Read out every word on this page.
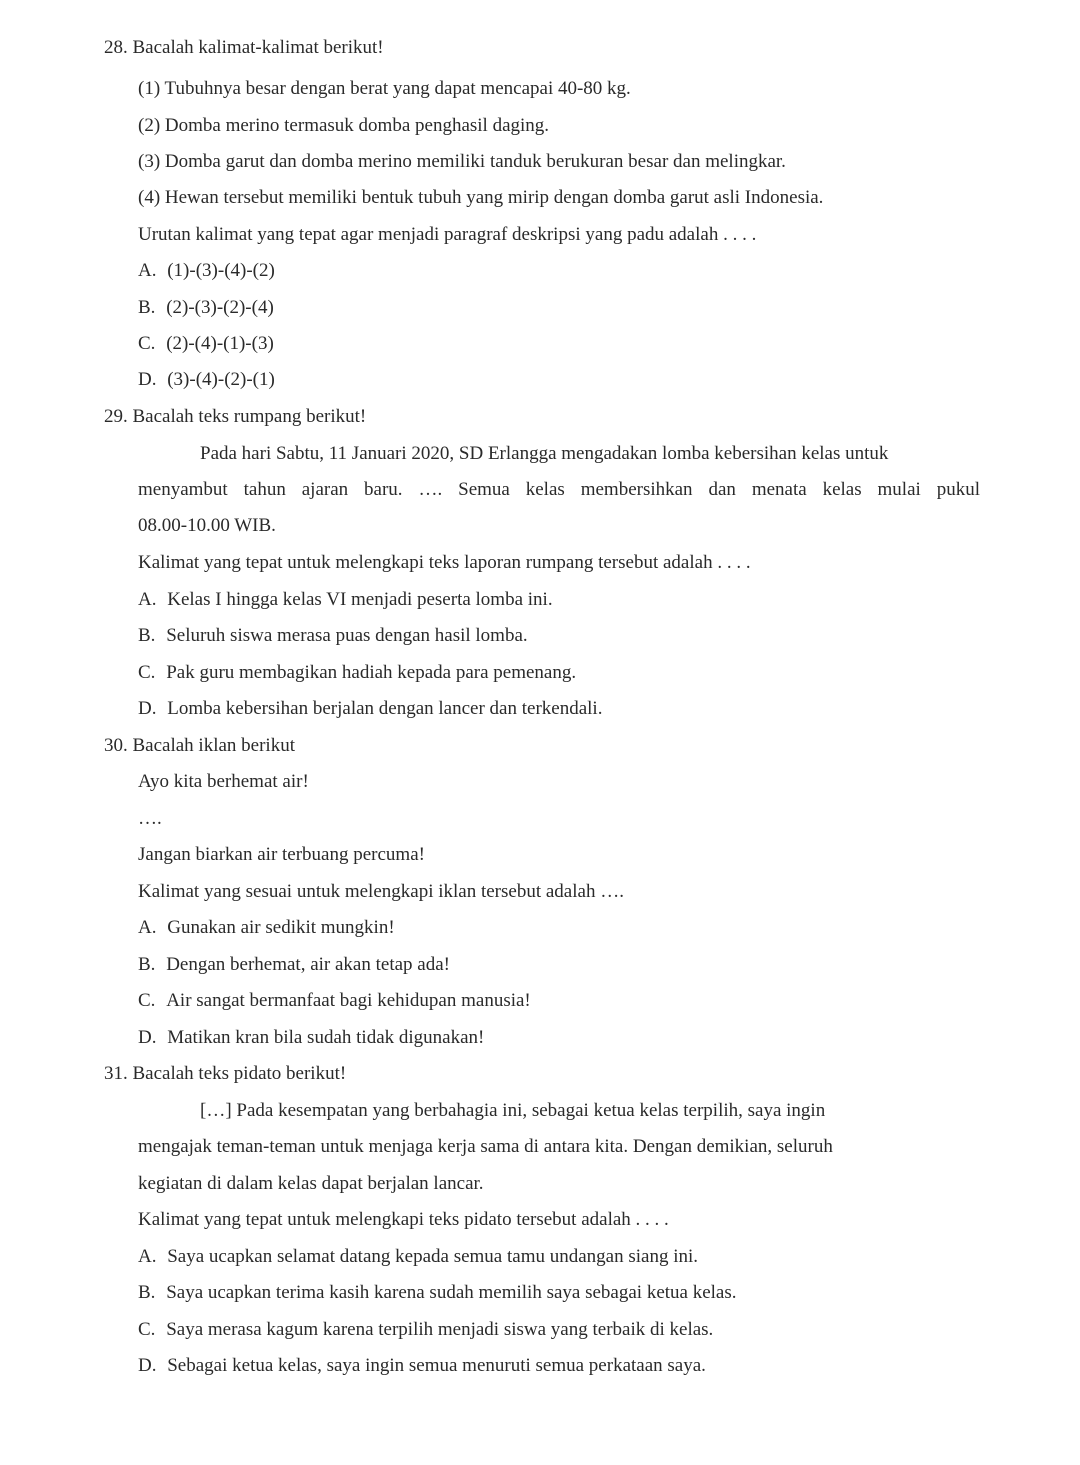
28. Bacalah kalimat-kalimat berikut!
(1) Tubuhnya besar dengan berat yang dapat mencapai 40-80 kg.
(2) Domba merino termasuk domba penghasil daging.
(3) Domba garut dan domba merino memiliki tanduk berukuran besar dan melingkar.
(4) Hewan tersebut memiliki bentuk tubuh yang mirip dengan domba garut asli Indonesia.
Urutan kalimat yang tepat agar menjadi paragraf deskripsi yang padu adalah . . . .
A. (1)-(3)-(4)-(2)
B. (2)-(3)-(2)-(4)
C. (2)-(4)-(1)-(3)
D. (3)-(4)-(2)-(1)
29. Bacalah teks rumpang berikut!
Pada hari Sabtu, 11 Januari 2020, SD Erlangga mengadakan lomba kebersihan kelas untuk
menyambut tahun ajaran baru. …. Semua kelas membersihkan dan menata kelas mulai pukul
08.00-10.00 WIB.
Kalimat yang tepat untuk melengkapi teks laporan rumpang tersebut adalah . . . .
A. Kelas I hingga kelas VI menjadi peserta lomba ini.
B. Seluruh siswa merasa puas dengan hasil lomba.
C. Pak guru membagikan hadiah kepada para pemenang.
D. Lomba kebersihan berjalan dengan lancer dan terkendali.
30. Bacalah iklan berikut
Ayo kita berhemat air!
….
Jangan biarkan air terbuang percuma!
Kalimat yang sesuai untuk melengkapi iklan tersebut adalah ….
A. Gunakan air sedikit mungkin!
B. Dengan berhemat, air akan tetap ada!
C. Air sangat bermanfaat bagi kehidupan manusia!
D. Matikan kran bila sudah tidak digunakan!
31. Bacalah teks pidato berikut!
[…] Pada kesempatan yang berbahagia ini, sebagai ketua kelas terpilih, saya ingin
mengajak teman-teman untuk menjaga kerja sama di antara kita. Dengan demikian, seluruh
kegiatan di dalam kelas dapat berjalan lancar.
Kalimat yang tepat untuk melengkapi teks pidato tersebut adalah . . . .
A. Saya ucapkan selamat datang kepada semua tamu undangan siang ini.
B. Saya ucapkan terima kasih karena sudah memilih saya sebagai ketua kelas.
C. Saya merasa kagum karena terpilih menjadi siswa yang terbaik di kelas.
D. Sebagai ketua kelas, saya ingin semua menuruti semua perkataan saya.
